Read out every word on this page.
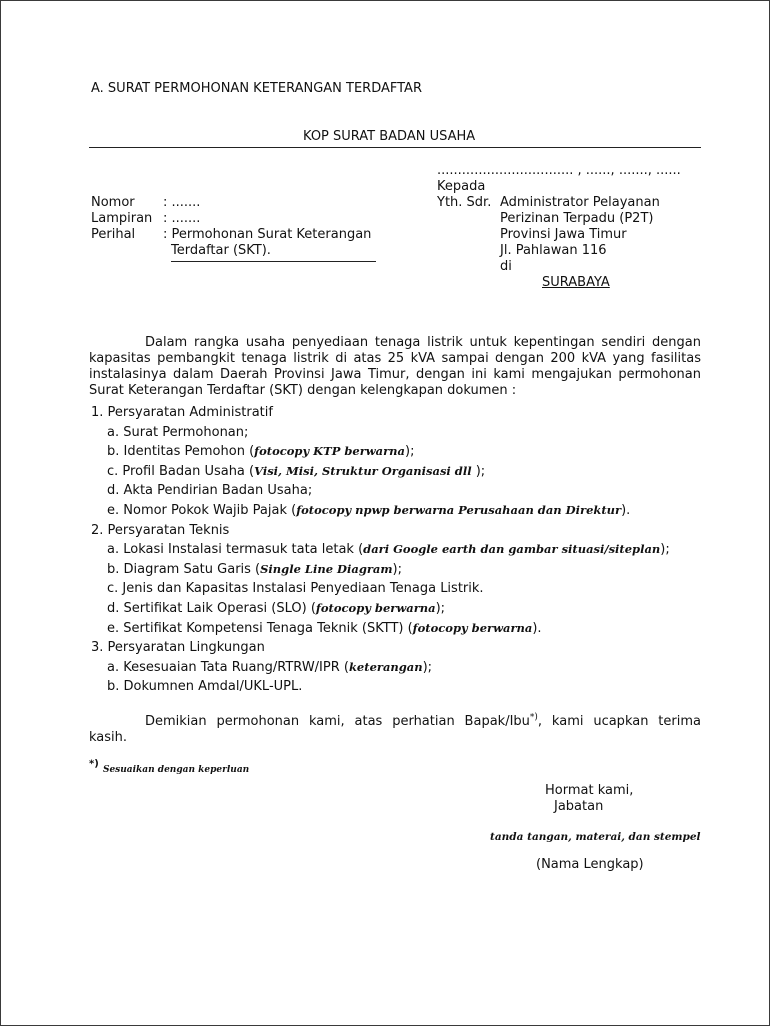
A. SURAT PERMOHONAN KETERANGAN TERDAFTAR
KOP SURAT BADAN USAHA
................................. , ......, ......., ......
Kepada
Nomor : .......
Lampiran : .......
Perihal : Permohonan Surat Keterangan
Terdaftar (SKT).
Yth. Sdr. Administrator Pelayanan
Perizinan Terpadu (P2T)
Provinsi Jawa Timur
Jl. Pahlawan 116
di
SURABAYA
Dalam rangka usaha penyediaan tenaga listrik untuk kepentingan sendiri dengan
kapasitas pembangkit tenaga listrik di atas 25 kVA sampai dengan 200 kVA yang fasilitas
instalasinya dalam Daerah Provinsi Jawa Timur, dengan ini kami mengajukan permohonan
Surat Keterangan Terdaftar (SKT) dengan kelengkapan dokumen :
1. Persyaratan Administratif
a. Surat Permohonan;
b. Identitas Pemohon (fotocopy KTP berwarna);
c. Profil Badan Usaha (Visi, Misi, Struktur Organisasi dll );
d. Akta Pendirian Badan Usaha;
e. Nomor Pokok Wajib Pajak (fotocopy npwp berwarna Perusahaan dan Direktur).
2. Persyaratan Teknis
a. Lokasi Instalasi termasuk tata letak (dari Google earth dan gambar situasi/siteplan);
b. Diagram Satu Garis (Single Line Diagram);
c. Jenis dan Kapasitas Instalasi Penyediaan Tenaga Listrik.
d. Sertifikat Laik Operasi (SLO) (fotocopy berwarna);
e. Sertifikat Kompetensi Tenaga Teknik (SKTT) (fotocopy berwarna).
3. Persyaratan Lingkungan
a. Kesesuaian Tata Ruang/RTRW/IPR (keterangan);
b. Dokumnen Amdal/UKL-UPL.
Demikian permohonan kami, atas perhatian Bapak/Ibu*), kami ucapkan terima
kasih.
*) Sesuaikan dengan keperluan
Hormat kami,
Jabatan
tanda tangan, materai, dan stempel
(Nama Lengkap)
